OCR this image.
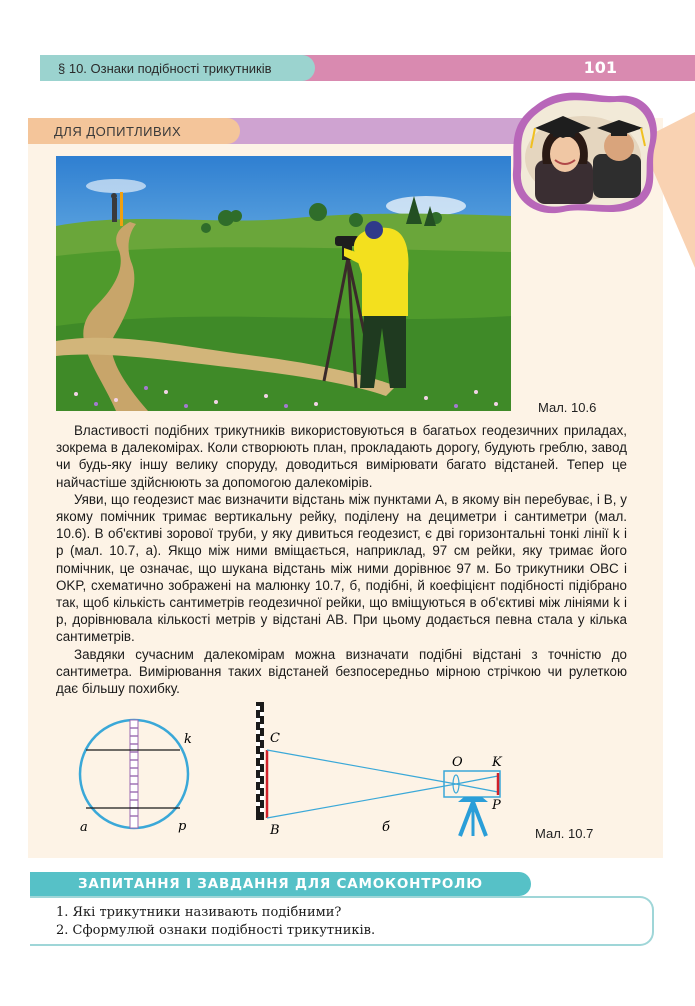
§ 10. Ознаки подібності трикутників	101
ДЛЯ ДОПИТЛИВИХ
Мал. 10.6

Властивості подібних трикутників використовуються в багатьох геодезичних приладах, зокрема в далекомірах. Коли створюють план, прокладають дорогу, будують греблю, завод чи будь-яку іншу велику споруду, доводиться вимірювати багато відстаней. Тепер це найчастіше здійснюють за допомогою далекомірів.

Уяви, що геодезист має визначити відстань між пунктами A, в якому він перебуває, і B, у якому помічник тримає вертикальну рейку, поділену на дециметри і сантиметри (мал. 10.6). В об'єктиві зорової труби, у яку дивиться геодезист, є дві горизонтальні тонкі лінії k і p (мал. 10.7, а). Якщо між ними вміщається, наприклад, 97 см рейки, яку тримає його помічник, це означає, що шукана відстань між ними дорівнює 97 м. Бо трикутники OBC і OKP, схематично зображені на малюнку 10.7, б, подібні, й коефіцієнт подібності підібрано так, щоб кількість сантиметрів геодезичної рейки, що вміщуються в об'єктиві між лініями k і p, дорівнювала кількості метрів у відстані AB. При цьому додається певна стала у кілька сантиметрів.

Завдяки сучасним далекомірам можна визначати подібні відстані з точністю до сантиметра. Вимірювання таких відстаней безпосередньо мірною стрічкою чи рулеткою дає більшу похибку.

k
p
а
C
B
O K
P
б	Мал. 10.7
ЗАПИТАННЯ І ЗАВДАННЯ ДЛЯ САМОКОНТРОЛЮ
1. Які трикутники називають подібними?
2. Сформулюй ознаки подібності трикутників.
